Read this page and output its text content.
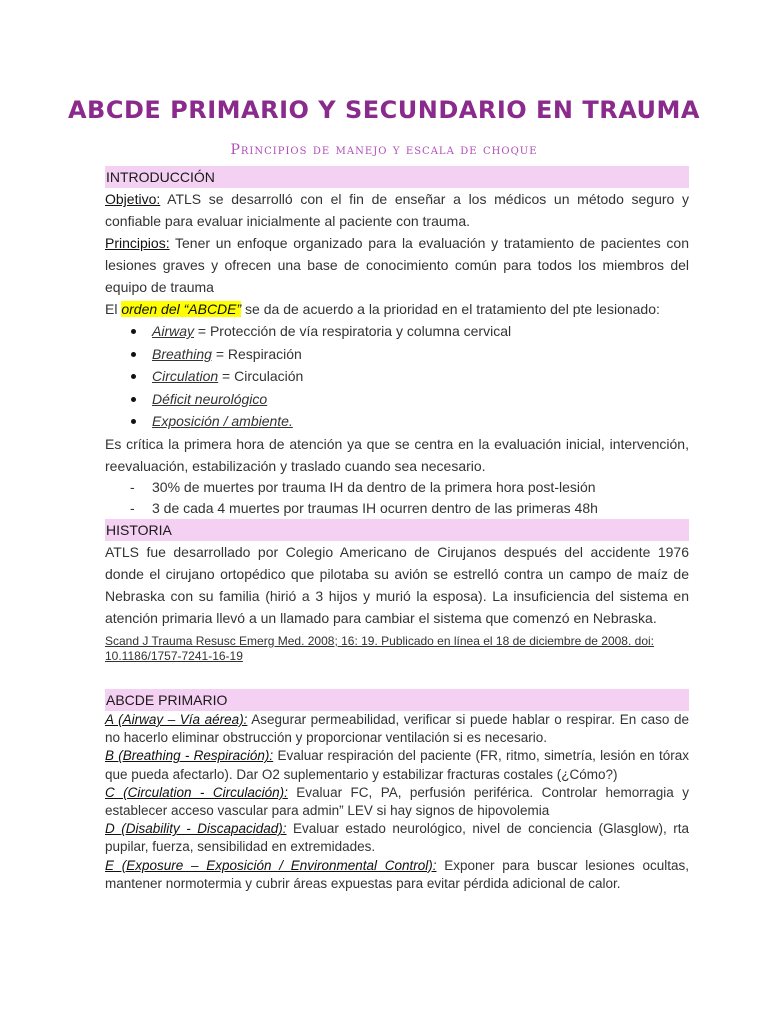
ABCDE PRIMARIO Y SECUNDARIO EN TRAUMA
Principios de manejo y escala de choque
INTRODUCCIÓN

Objetivo: ATLS se desarrolló con el fin de enseñar a los médicos un método seguro y confiable para evaluar inicialmente al paciente con trauma.

Principios: Tener un enfoque organizado para la evaluación y tratamiento de pacientes con lesiones graves y ofrecen una base de conocimiento común para todos los miembros del equipo de trauma

El orden del “ABCDE” se da de acuerdo a la prioridad en el tratamiento del pte lesionado:

Airway = Protección de vía respiratoria y columna cervical
Breathing = Respiración
Circulation = Circulación
Déficit neurológico
Exposición / ambiente.

Es crítica la primera hora de atención ya que se centra en la evaluación inicial, intervención, reevaluación, estabilización y traslado cuando sea necesario.

- 30% de muertes por trauma IH da dentro de la primera hora post-lesión
- 3 de cada 4 muertes por traumas IH ocurren dentro de las primeras 48h
HISTORIA

ATLS fue desarrollado por Colegio Americano de Cirujanos después del accidente 1976 donde el cirujano ortopédico que pilotaba su avión se estrelló contra un campo de maíz de Nebraska con su familia (hirió a 3 hijos y murió la esposa). La insuficiencia del sistema en atención primaria llevó a un llamado para cambiar el sistema que comenzó en Nebraska.

Scand J Trauma Resusc Emerg Med. 2008; 16: 19. Publicado en línea el 18 de diciembre de 2008. doi: 10.1186/1757-7241-16-19
ABCDE PRIMARIO

A (Airway – Vía aérea): Asegurar permeabilidad, verificar si puede hablar o respirar. En caso de no hacerlo eliminar obstrucción y proporcionar ventilación si es necesario.

B (Breathing - Respiración): Evaluar respiración del paciente (FR, ritmo, simetría, lesión en tórax que pueda afectarlo). Dar O2 suplementario y estabilizar fracturas costales (¿Cómo?)

C (Circulation - Circulación): Evaluar FC, PA, perfusión periférica. Controlar hemorragia y establecer acceso vascular para admin” LEV si hay signos de hipovolemia

D (Disability - Discapacidad): Evaluar estado neurológico, nivel de conciencia (Glasglow), rta pupilar, fuerza, sensibilidad en extremidades.

E (Exposure – Exposición / Environmental Control): Exponer para buscar lesiones ocultas, mantener normotermia y cubrir áreas expuestas para evitar pérdida adicional de calor.
